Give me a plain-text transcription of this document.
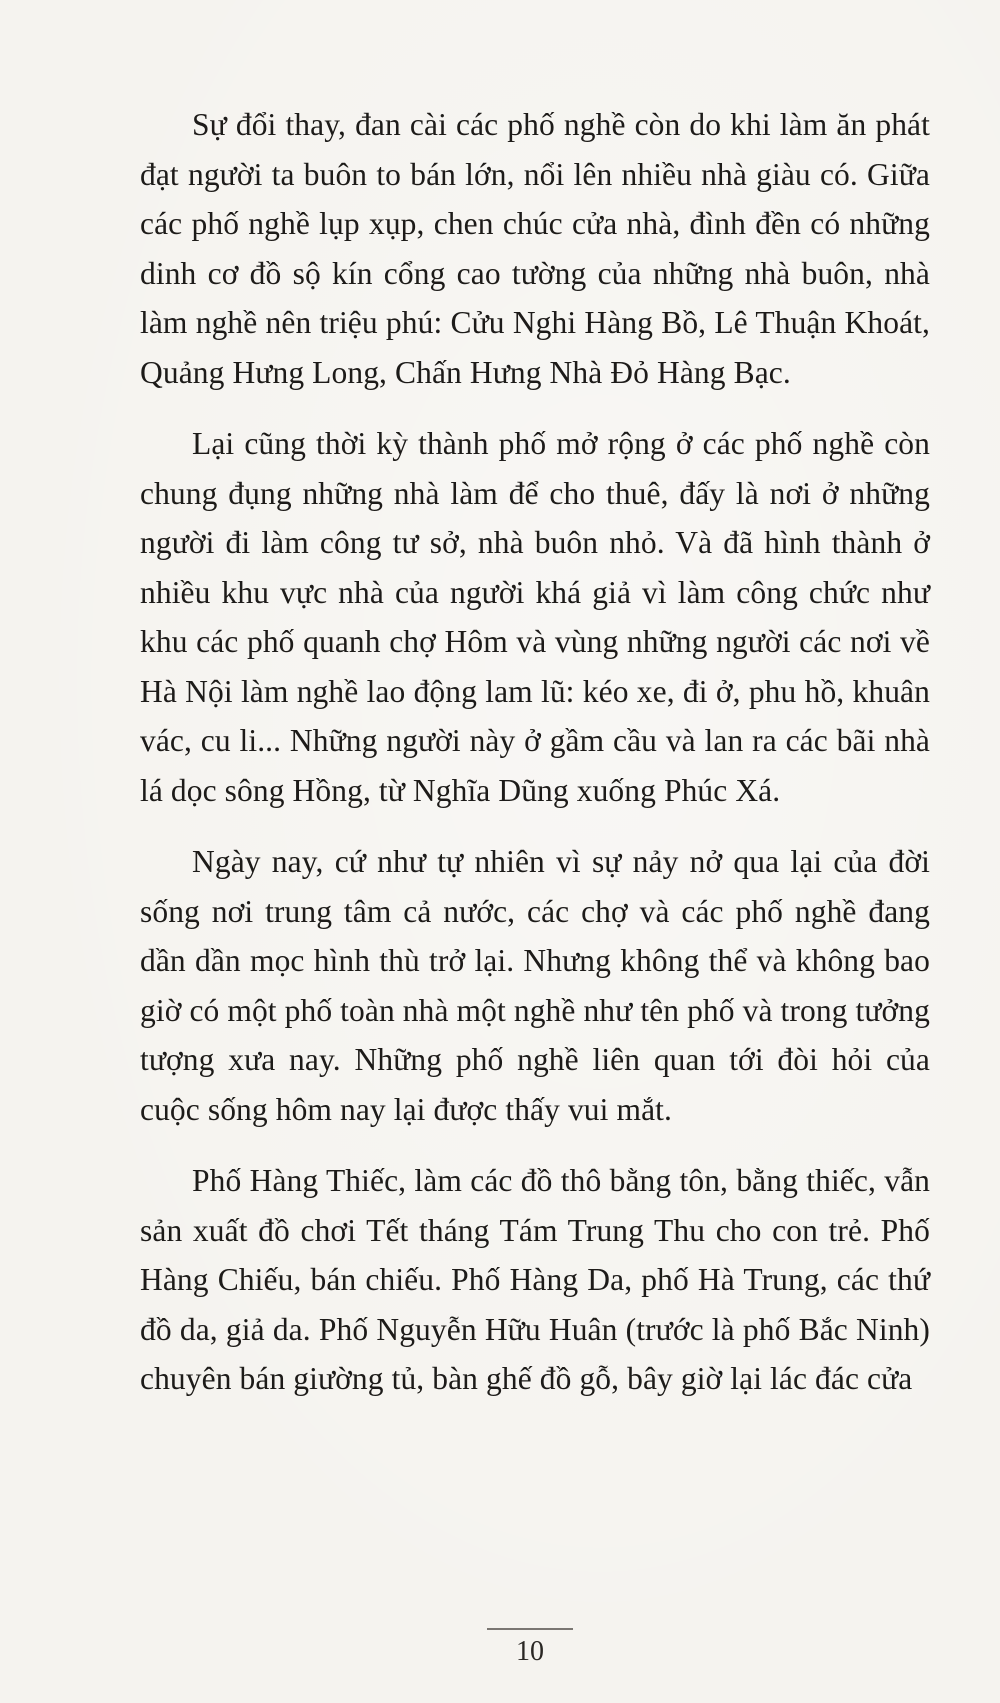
Sự đổi thay, đan cài các phố nghề còn do khi làm ăn phát đạt người ta buôn to bán lớn, nổi lên nhiều nhà giàu có. Giữa các phố nghề lụp xụp, chen chúc cửa nhà, đình đền có những dinh cơ đồ sộ kín cổng cao tường của những nhà buôn, nhà làm nghề nên triệu phú: Cửu Nghi Hàng Bồ, Lê Thuận Khoát, Quảng Hưng Long, Chấn Hưng Nhà Đỏ Hàng Bạc.

Lại cũng thời kỳ thành phố mở rộng ở các phố nghề còn chung đụng những nhà làm để cho thuê, đấy là nơi ở những người đi làm công tư sở, nhà buôn nhỏ. Và đã hình thành ở nhiều khu vực nhà của người khá giả vì làm công chức như khu các phố quanh chợ Hôm và vùng những người các nơi về Hà Nội làm nghề lao động lam lũ: kéo xe, đi ở, phu hồ, khuân vác, cu li... Những người này ở gầm cầu và lan ra các bãi nhà lá dọc sông Hồng, từ Nghĩa Dũng xuống Phúc Xá.

Ngày nay, cứ như tự nhiên vì sự nảy nở qua lại của đời sống nơi trung tâm cả nước, các chợ và các phố nghề đang dần dần mọc hình thù trở lại. Nhưng không thể và không bao giờ có một phố toàn nhà một nghề như tên phố và trong tưởng tượng xưa nay. Những phố nghề liên quan tới đòi hỏi của cuộc sống hôm nay lại được thấy vui mắt.

Phố Hàng Thiếc, làm các đồ thô bằng tôn, bằng thiếc, vẫn sản xuất đồ chơi Tết tháng Tám Trung Thu cho con trẻ. Phố Hàng Chiếu, bán chiếu. Phố Hàng Da, phố Hà Trung, các thứ đồ da, giả da. Phố Nguyễn Hữu Huân (trước là phố Bắc Ninh) chuyên bán giường tủ, bàn ghế đồ gỗ, bây giờ lại lác đác cửa

10
